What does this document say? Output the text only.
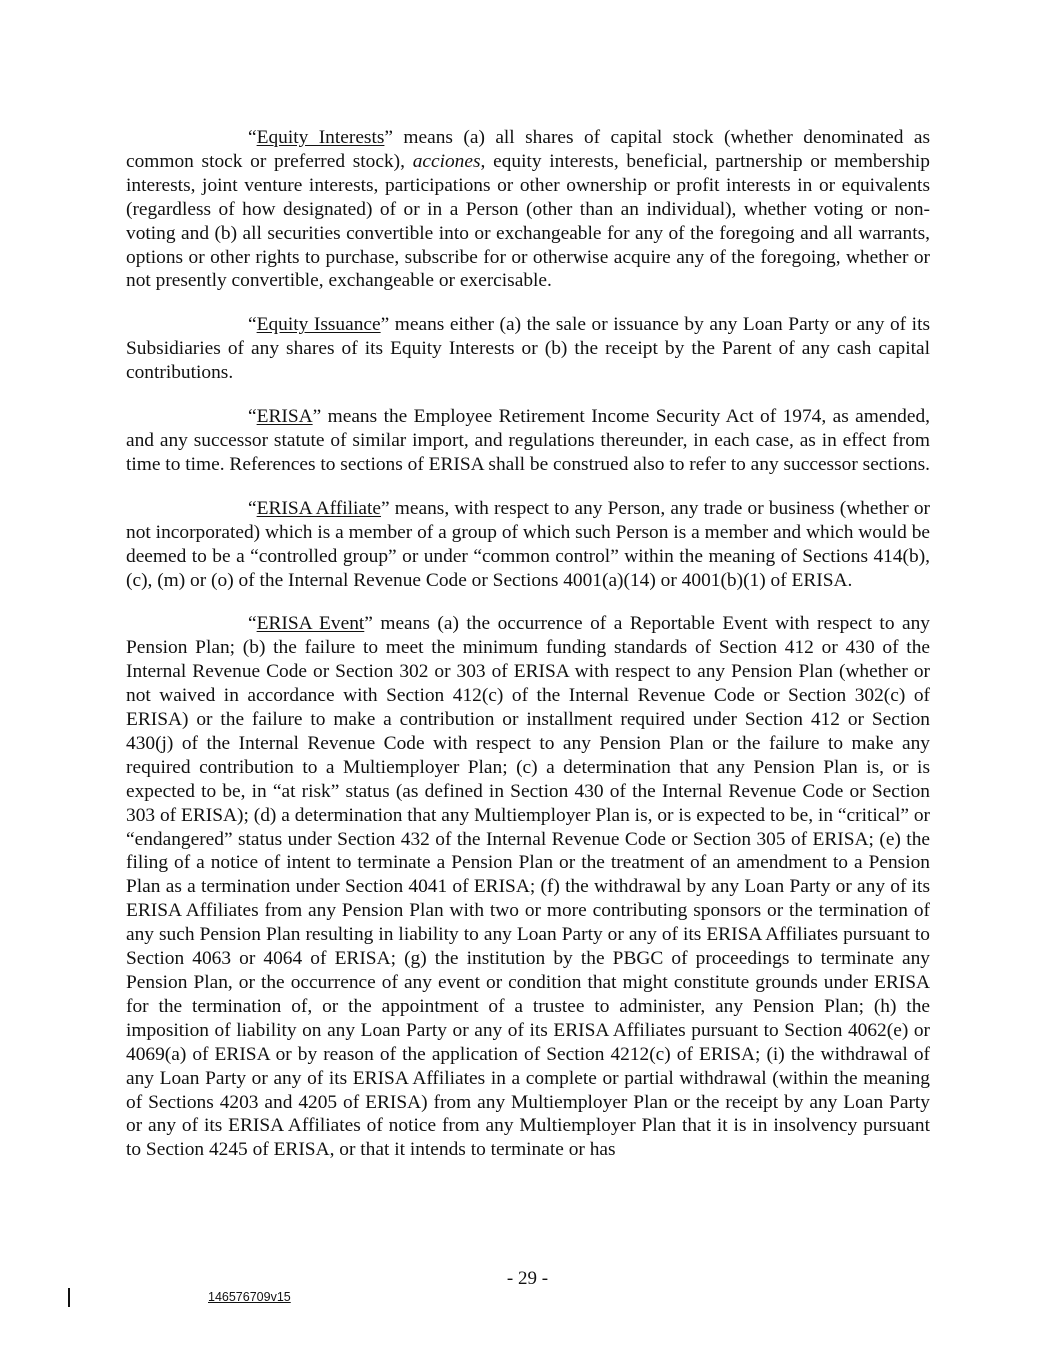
“Equity Interests” means (a) all shares of capital stock (whether denominated as common stock or preferred stock), acciones, equity interests, beneficial, partnership or membership interests, joint venture interests, participations or other ownership or profit interests in or equivalents (regardless of how designated) of or in a Person (other than an individual), whether voting or non-voting and (b) all securities convertible into or exchangeable for any of the foregoing and all warrants, options or other rights to purchase, subscribe for or otherwise acquire any of the foregoing, whether or not presently convertible, exchangeable or exercisable.

“Equity Issuance” means either (a) the sale or issuance by any Loan Party or any of its Subsidiaries of any shares of its Equity Interests or (b) the receipt by the Parent of any cash capital contributions.

“ERISA” means the Employee Retirement Income Security Act of 1974, as amended, and any successor statute of similar import, and regulations thereunder, in each case, as in effect from time to time. References to sections of ERISA shall be construed also to refer to any successor sections.

“ERISA Affiliate” means, with respect to any Person, any trade or business (whether or not incorporated) which is a member of a group of which such Person is a member and which would be deemed to be a “controlled group” or under “common control” within the meaning of Sections 414(b), (c), (m) or (o) of the Internal Revenue Code or Sections 4001(a)(14) or 4001(b)(1) of ERISA.

“ERISA Event” means (a) the occurrence of a Reportable Event with respect to any Pension Plan; (b) the failure to meet the minimum funding standards of Section 412 or 430 of the Internal Revenue Code or Section 302 or 303 of ERISA with respect to any Pension Plan (whether or not waived in accordance with Section 412(c) of the Internal Revenue Code or Section 302(c) of ERISA) or the failure to make a contribution or installment required under Section 412 or Section 430(j) of the Internal Revenue Code with respect to any Pension Plan or the failure to make any required contribution to a Multiemployer Plan; (c) a determination that any Pension Plan is, or is expected to be, in “at risk” status (as defined in Section 430 of the Internal Revenue Code or Section 303 of ERISA); (d) a determination that any Multiemployer Plan is, or is expected to be, in “critical” or “endangered” status under Section 432 of the Internal Revenue Code or Section 305 of ERISA; (e) the filing of a notice of intent to terminate a Pension Plan or the treatment of an amendment to a Pension Plan as a termination under Section 4041 of ERISA; (f) the withdrawal by any Loan Party or any of its ERISA Affiliates from any Pension Plan with two or more contributing sponsors or the termination of any such Pension Plan resulting in liability to any Loan Party or any of its ERISA Affiliates pursuant to Section 4063 or 4064 of ERISA; (g) the institution by the PBGC of proceedings to terminate any Pension Plan, or the occurrence of any event or condition that might constitute grounds under ERISA for the termination of, or the appointment of a trustee to administer, any Pension Plan; (h) the imposition of liability on any Loan Party or any of its ERISA Affiliates pursuant to Section 4062(e) or 4069(a) of ERISA or by reason of the application of Section 4212(c) of ERISA; (i) the withdrawal of any Loan Party or any of its ERISA Affiliates in a complete or partial withdrawal (within the meaning of Sections 4203 and 4205 of ERISA) from any Multiemployer Plan or the receipt by any Loan Party or any of its ERISA Affiliates of notice from any Multiemployer Plan that it is in insolvency pursuant to Section 4245 of ERISA, or that it intends to terminate or has

- 29 -
146576709v15
